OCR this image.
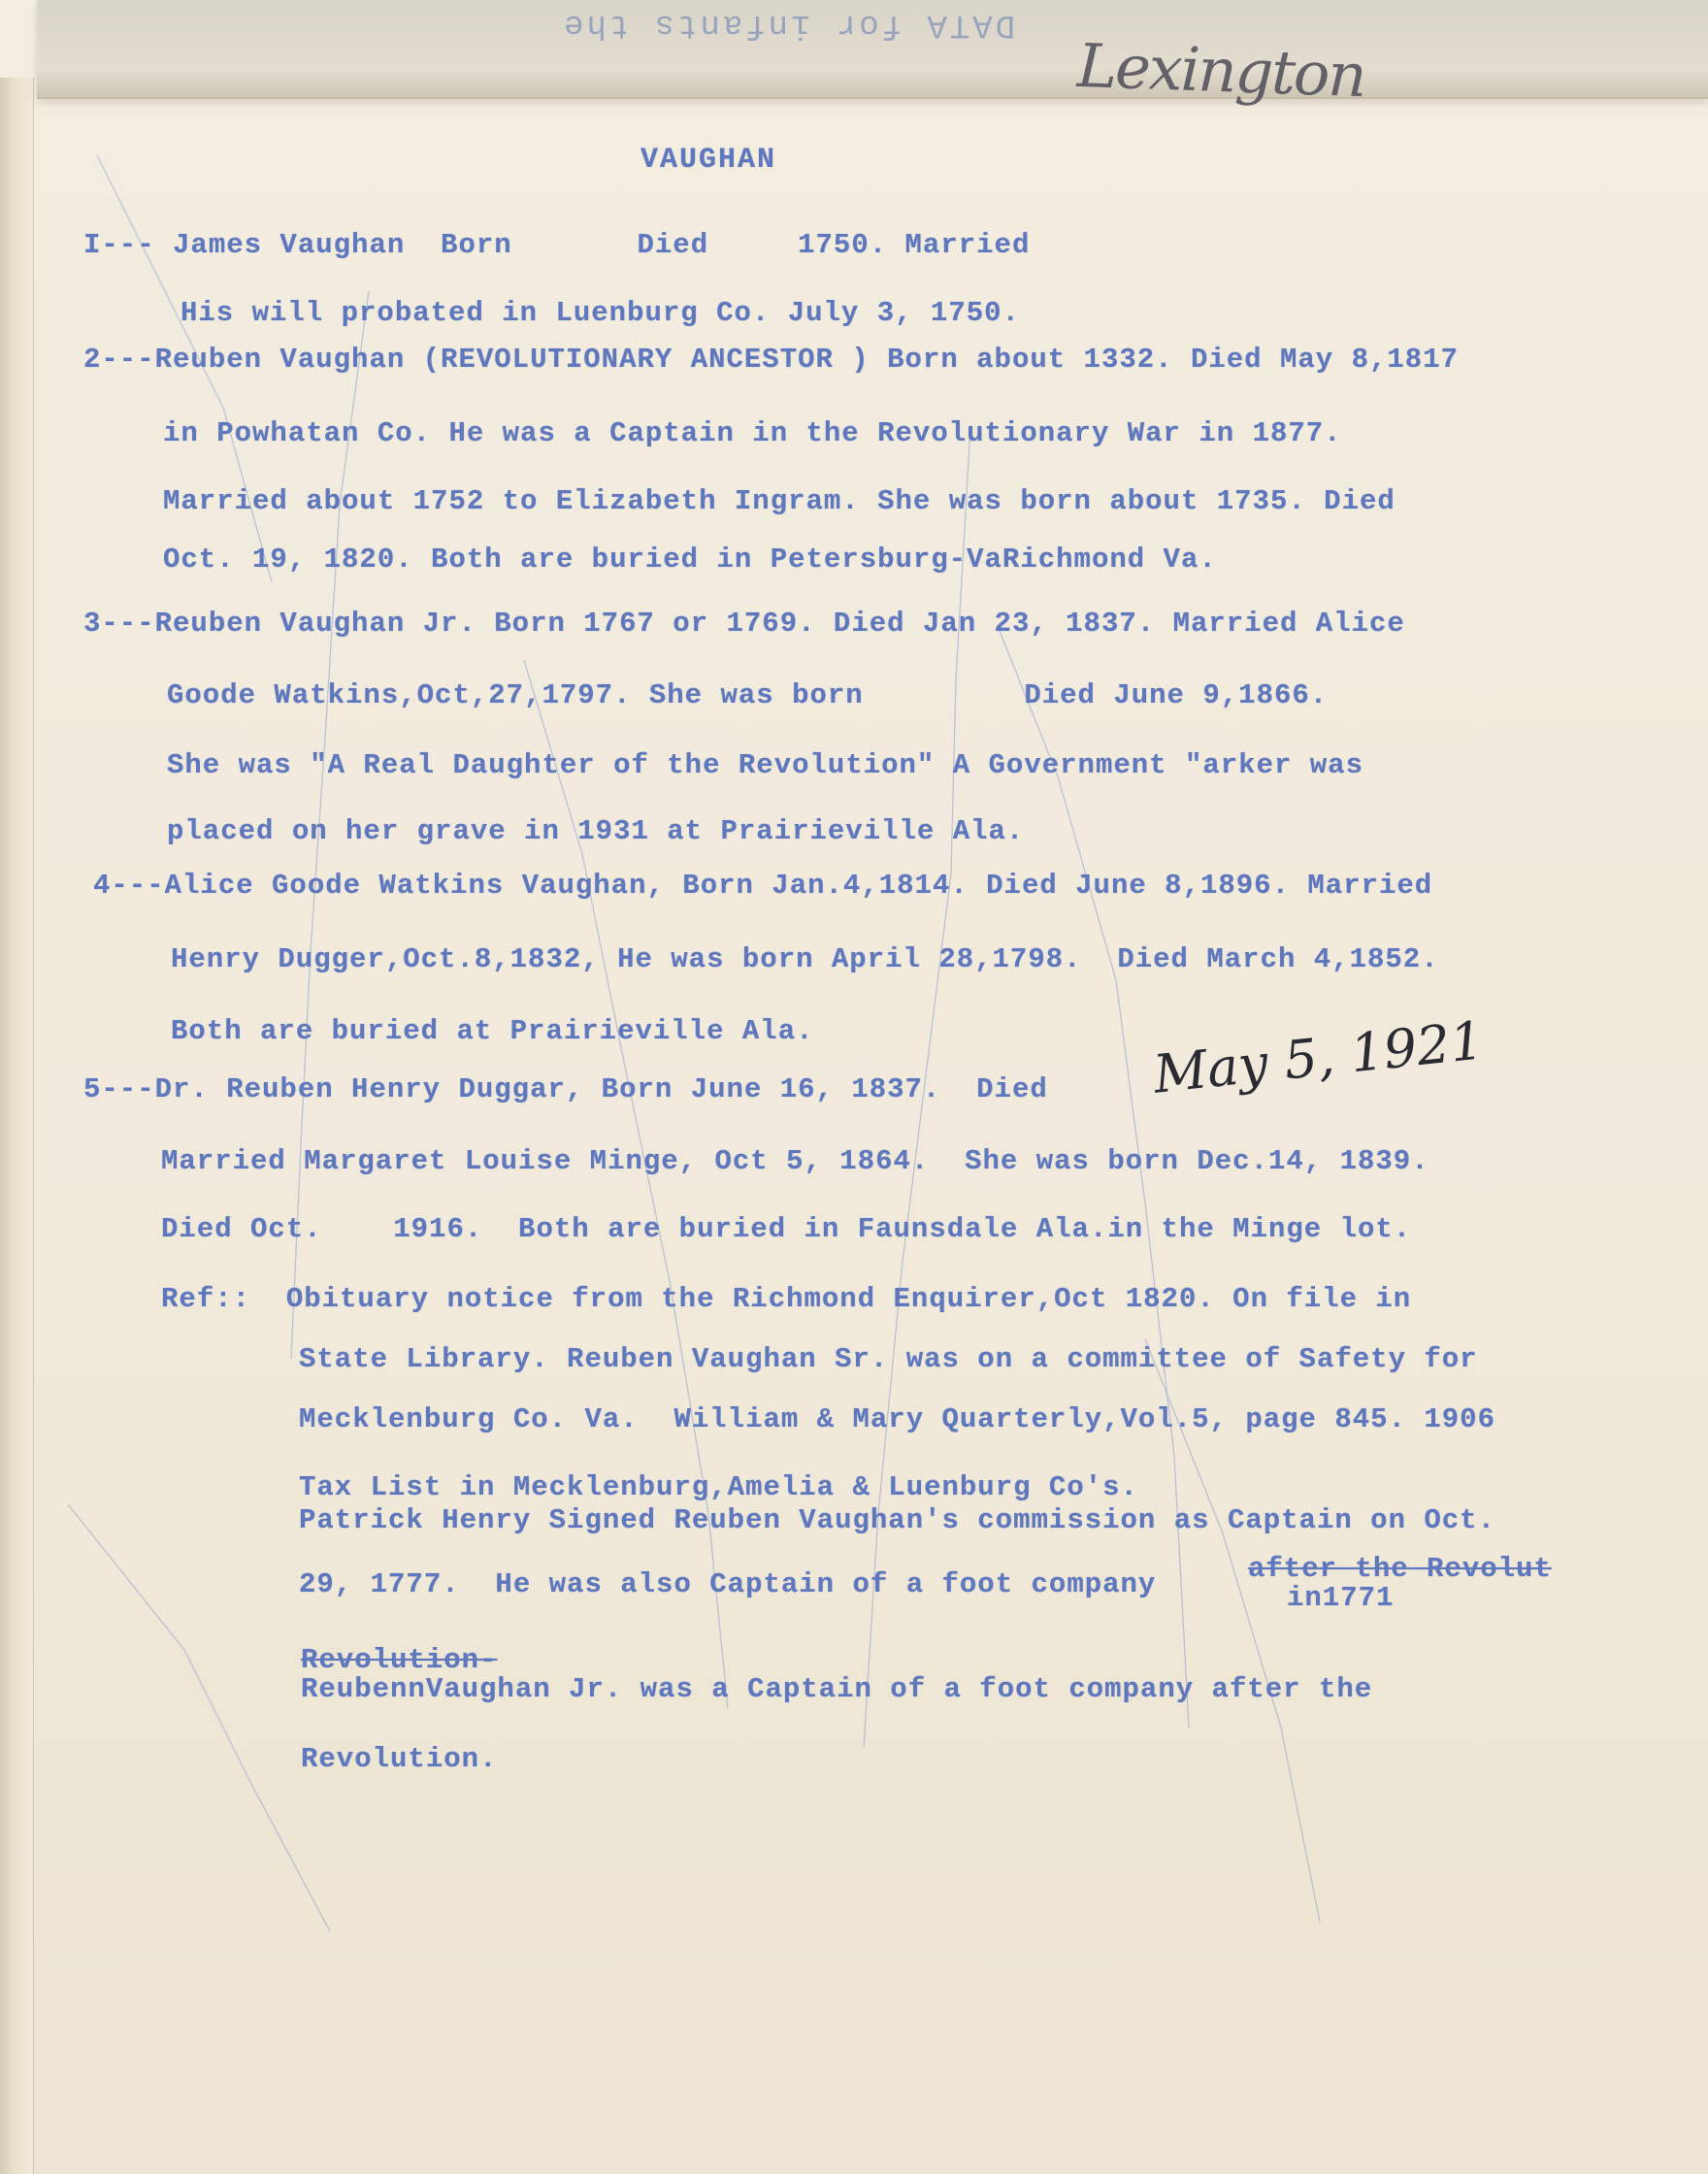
DATA for infants the
Lexington
VAUGHAN
I--- James Vaughan  Born       Died     1750. Married
His will probated in Luenburg Co. July 3, 1750.
2---Reuben Vaughan (REVOLUTIONARY ANCESTOR ) Born about 1332. Died May 8,1817
in Powhatan Co. He was a Captain in the Revolutionary War in 1877.
Married about 1752 to Elizabeth Ingram. She was born about 1735. Died
Oct. 19, 1820. Both are buried in Petersburg-VaRichmond Va.
3---Reuben Vaughan Jr. Born 1767 or 1769. Died Jan 23, 1837. Married Alice
Goode Watkins,Oct,27,1797. She was born         Died June 9,1866.
She was "A Real Daughter of the Revolution" A Government "arker was
placed on her grave in 1931 at Prairieville Ala.
4---Alice Goode Watkins Vaughan, Born Jan.4,1814. Died June 8,1896. Married
Henry Dugger,Oct.8,1832, He was born April 28,1798.  Died March 4,1852.
Both are buried at Prairieville Ala.
5---Dr. Reuben Henry Duggar, Born June 16, 1837.  Died May 5, 1921
Married Margaret Louise Minge, Oct 5, 1864.  She was born Dec.14, 1839.
Died Oct.    1916.  Both are buried in Faunsdale Ala.in the Minge lot.
Ref::  Obituary notice from the Richmond Enquirer,Oct 1820. On file in
State Library. Reuben Vaughan Sr. was on a committee of Safety for
Mecklenburg Co. Va.  William & Mary Quarterly,Vol.5, page 845. 1906
Tax List in Mecklenburg,Amelia & Luenburg Co's.
Patrick Henry Signed Reuben Vaughan's commission as Captain on Oct.
29, 1777.  He was also Captain of a foot company	after the Revolut
in1771
Revolution-
ReubennVaughan Jr. was a Captain of a foot company after the
Revolution.
